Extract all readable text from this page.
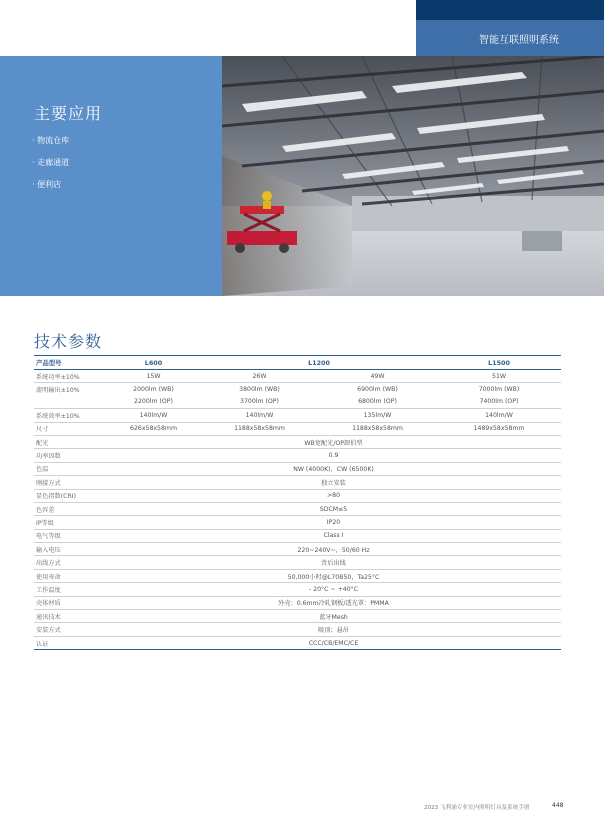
智能互联照明系统
主要应用
· 物流仓库
· 走廊通道
· 便利店
技术参数
产品型号	L600	L1200		L1500
系统功率±10%	15W	26W	49W	51W
流明输出±10%	2000lm (WB)	3800lm (WB)	6900lm (WB)	7000lm (WB)
	2200lm (OP)	3700lm (OP)	6800lm (OP)	7400lm (OP)
系统效率±10%	140lm/W	140lm/W	135lm/W	140lm/W
尺寸	626x58x58mm	1188x58x58mm	1188x58x58mm	1489x58x58mm
配光	WB宽配光/OP卸伯型			
功率因数	0.9			
色温	NW (4000K)，CW (6500K)			
刚接方式	独立安装			
显色指数(CRI)	>80			
色容差	SDCM≤5			
IP等级	IP20			
电气等级	Class I			
输入电压	220~240V~，50/60 Hz			
出线方式	背后出线			
使用寿命	50,000小时@L70B50，Ta25°C			
工作温度	- 20°C ~ +40°C			
壳体材质	外壳：0.6mm冷轧钢板/透光罩：PMMA			
通讯技术	蓝牙Mesh			
安装方式	吸顶；悬吊			
认证	CCC/CB/EMC/CE			
2023 飞利浦专业室内照明灯具及系统手册	448
